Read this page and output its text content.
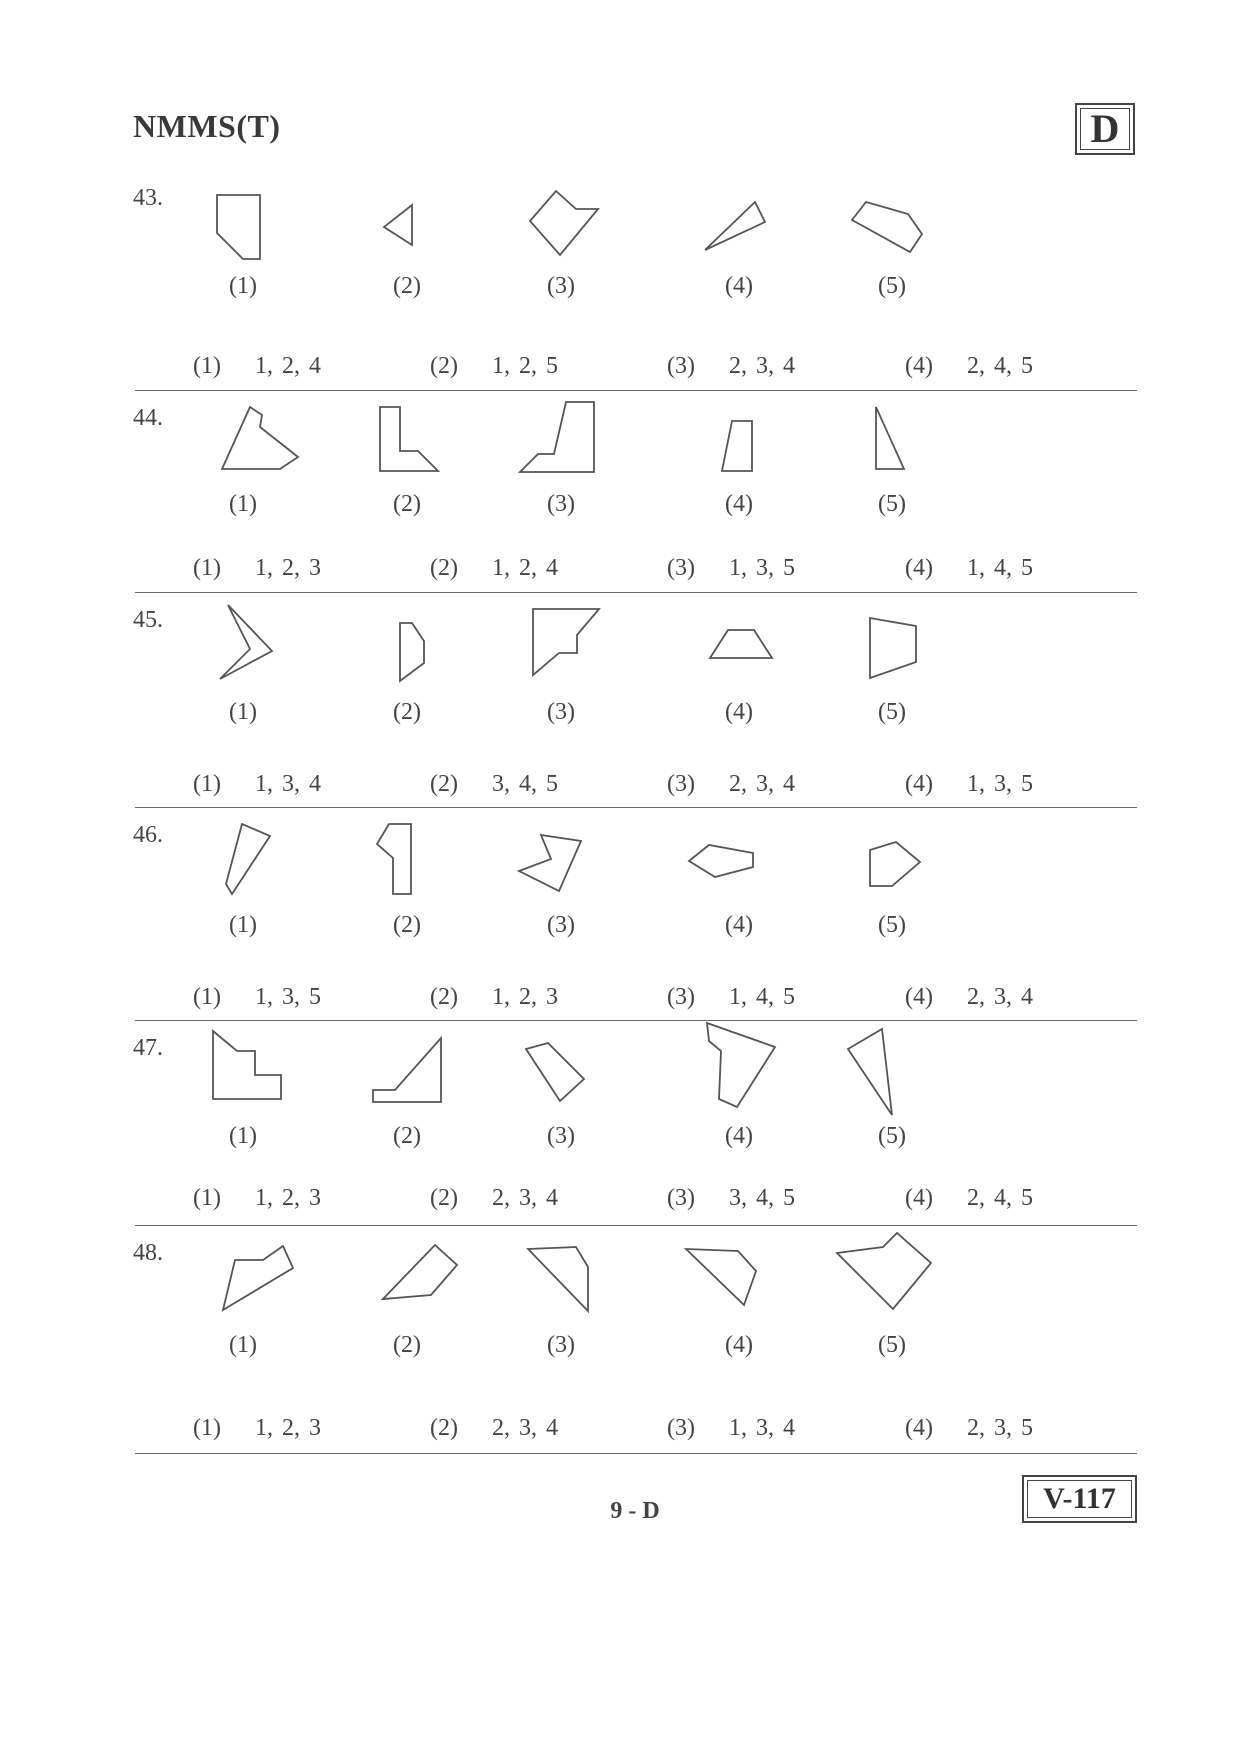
NMMS(T)	D
43.
(1)	(2)	(3)	(4)	(5)
(1) 1, 2, 4	(2) 1, 2, 5	(3) 2, 3, 4	(4) 2, 4, 5
44.
(1)	(2)	(3)	(4)	(5)
(1) 1, 2, 3	(2) 1, 2, 4	(3) 1, 3, 5	(4) 1, 4, 5
45.
(1)	(2)	(3)	(4)	(5)
(1) 1, 3, 4	(2) 3, 4, 5	(3) 2, 3, 4	(4) 1, 3, 5
46.
(1)	(2)	(3)	(4)	(5)
(1) 1, 3, 5	(2) 1, 2, 3	(3) 1, 4, 5	(4) 2, 3, 4
47.
(1)	(2)	(3)	(4)	(5)
(1) 1, 2, 3	(2) 2, 3, 4	(3) 3, 4, 5	(4) 2, 4, 5
48.
(1)	(2)	(3)	(4)	(5)
(1) 1, 2, 3	(2) 2, 3, 4	(3) 1, 3, 4	(4) 2, 3, 5
9 - D	V-117
